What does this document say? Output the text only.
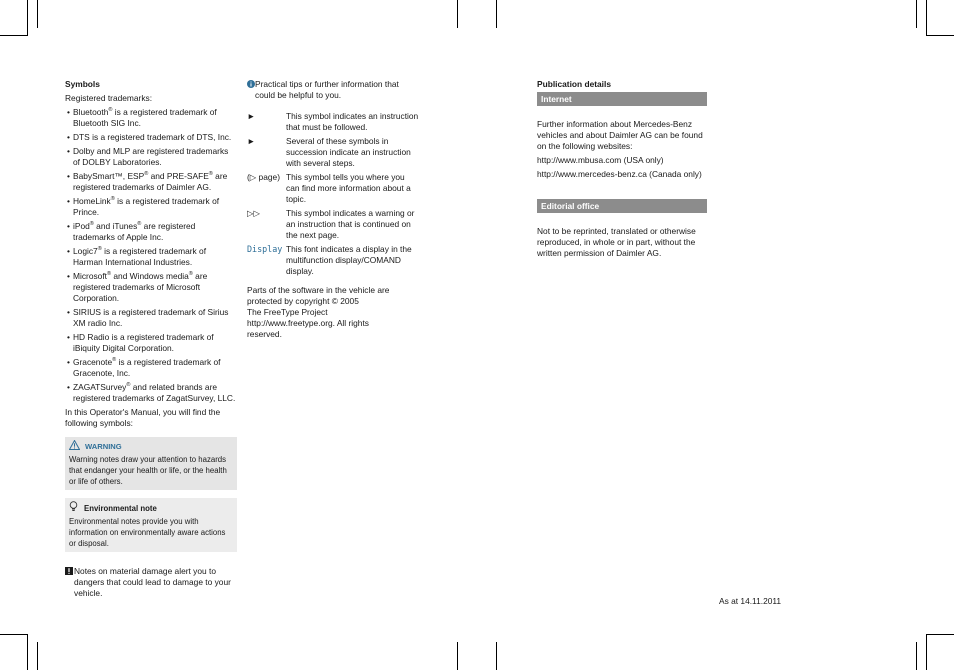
Symbols

Registered trademarks:

• Bluetooth® is a registered trademark of Bluetooth SIG Inc.
• DTS is a registered trademark of DTS, Inc.
• Dolby and MLP are registered trademarks of DOLBY Laboratories.
• BabySmart™, ESP® and PRE-SAFE® are registered trademarks of Daimler AG.
• HomeLink® is a registered trademark of Prince.
• iPod® and iTunes® are registered trademarks of Apple Inc.
• Logic7® is a registered trademark of Harman International Industries.
• Microsoft® and Windows media® are registered trademarks of Microsoft Corporation.
• SIRIUS is a registered trademark of Sirius XM radio Inc.
• HD Radio is a registered trademark of iBiquity Digital Corporation.
• Gracenote® is a registered trademark of Gracenote, Inc.
• ZAGATSurvey® and related brands are registered trademarks of ZagatSurvey, LLC.

In this Operator's Manual, you will find the following symbols:

WARNING
Warning notes draw your attention to hazards that endanger your health or life, or the health or life of others.
Environmental note
Environmental notes provide you with information on environmentally aware actions or disposal.
Notes on material damage alert you to dangers that could lead to damage to your vehicle.
Practical tips or further information that could be helpful to you.
►	This symbol indicates an instruction that must be followed.
►	Several of these symbols in succession indicate an instruction with several steps.
(▷ page) This symbol tells you where you can find more information about a topic.
▷▷	This symbol indicates a warning or an instruction that is continued on the next page.
Display This font indicates a display in the multifunction display/COMAND display.
Parts of the software in the vehicle are
protected by copyright © 2005
The FreeType Project
http://www.freetype.org. All rights
reserved.
Publication details
Internet

Further information about Mercedes-Benz vehicles and about Daimler AG can be found on the following websites:

http://www.mbusa.com (USA only)

http://www.mercedes-benz.ca (Canada only)

Editorial office

Not to be reprinted, translated or otherwise reproduced, in whole or in part, without the written permission of Daimler AG.

As at 14.11.2011
